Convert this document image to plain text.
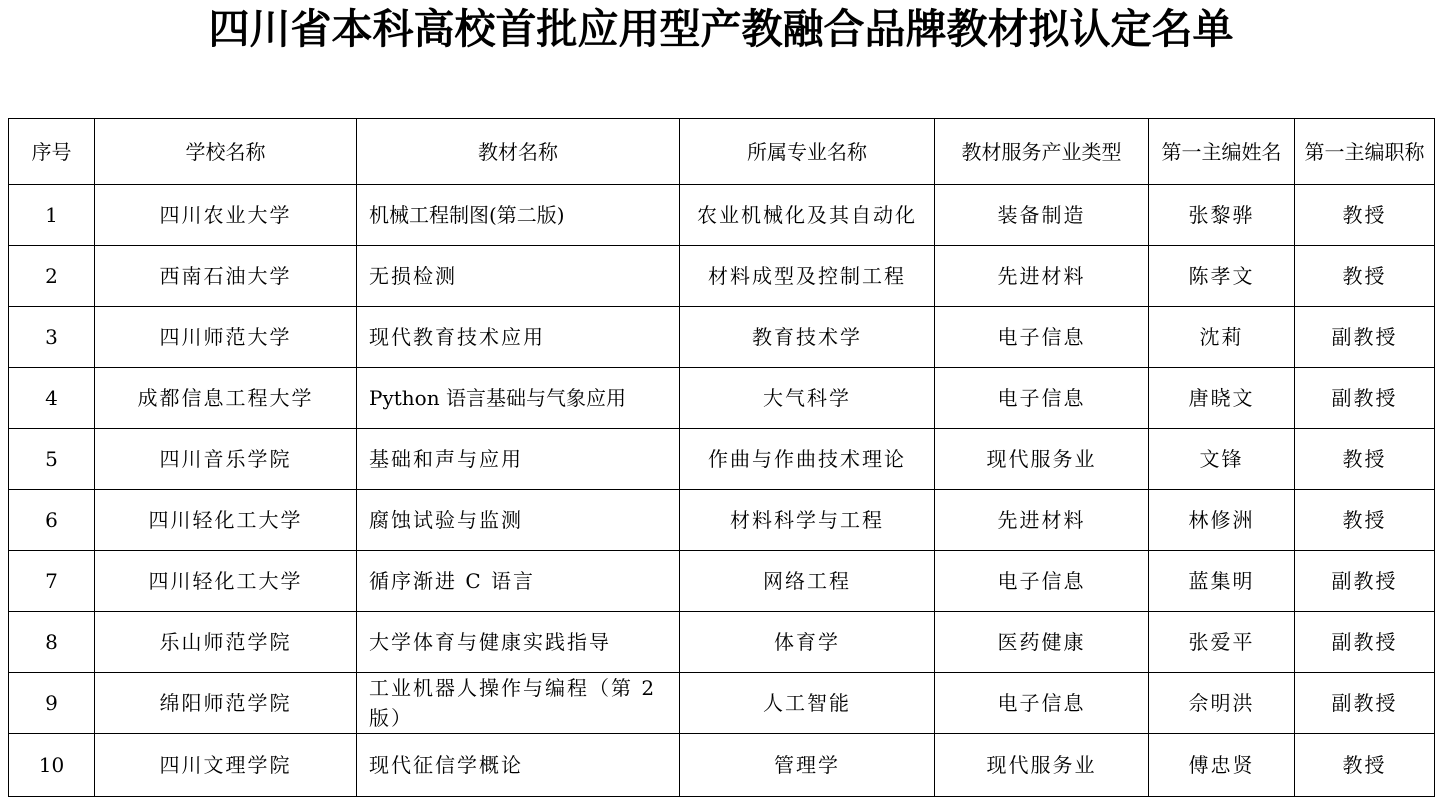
四川省本科高校首批应用型产教融合品牌教材拟认定名单
序号	学校名称	教材名称	所属专业名称	教材服务产业类型	第一主编姓名	第一主编职称
1	四川农业大学	机械工程制图(第二版)	农业机械化及其自动化	装备制造	张黎骅	教授
2	西南石油大学	无损检测	材料成型及控制工程	先进材料	陈孝文	教授
3	四川师范大学	现代教育技术应用	教育技术学	电子信息	沈莉	副教授
4	成都信息工程大学	Python 语言基础与气象应用	大气科学	电子信息	唐晓文	副教授
5	四川音乐学院	基础和声与应用	作曲与作曲技术理论	现代服务业	文锋	教授
6	四川轻化工大学	腐蚀试验与监测	材料科学与工程	先进材料	林修洲	教授
7	四川轻化工大学	循序渐进 C 语言	网络工程	电子信息	蓝集明	副教授
8	乐山师范学院	大学体育与健康实践指导	体育学	医药健康	张爱平	副教授
9	绵阳师范学院	工业机器人操作与编程（第 2 版）	人工智能	电子信息	佘明洪	副教授
10	四川文理学院	现代征信学概论	管理学	现代服务业	傅忠贤	教授
